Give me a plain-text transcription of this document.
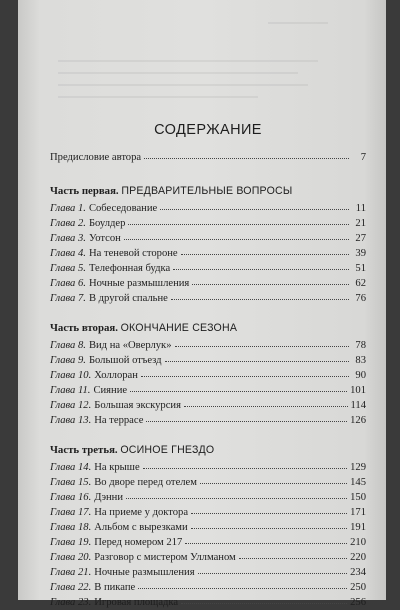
СОДЕРЖАНИЕ
Предисловие автора	7
Часть первая. ПРЕДВАРИТЕЛЬНЫЕ ВОПРОСЫ
Глава 1. Собеседование	11
Глава 2. Боулдер	21
Глава 3. Уотсон	27
Глава 4. На теневой стороне	39
Глава 5. Телефонная будка	51
Глава 6. Ночные размышления	62
Глава 7. В другой спальне	76
Часть вторая. ОКОНЧАНИЕ СЕЗОНА
Глава 8. Вид на «Оверлук»	78
Глава 9. Большой отъезд	83
Глава 10. Холлоран	90
Глава 11. Сияние	101
Глава 12. Большая экскурсия	114
Глава 13. На террасе	126
Часть третья. ОСИНОЕ ГНЕЗДО
Глава 14. На крыше	129
Глава 15. Во дворе перед отелем	145
Глава 16. Дэнни	150
Глава 17. На приеме у доктора	171
Глава 18. Альбом с вырезками	191
Глава 19. Перед номером 217	210
Глава 20. Разговор с мистером Уллманом	220
Глава 21. Ночные размышления	234
Глава 22. В пикапе	250
Глава 23. Игровая площадка	256
